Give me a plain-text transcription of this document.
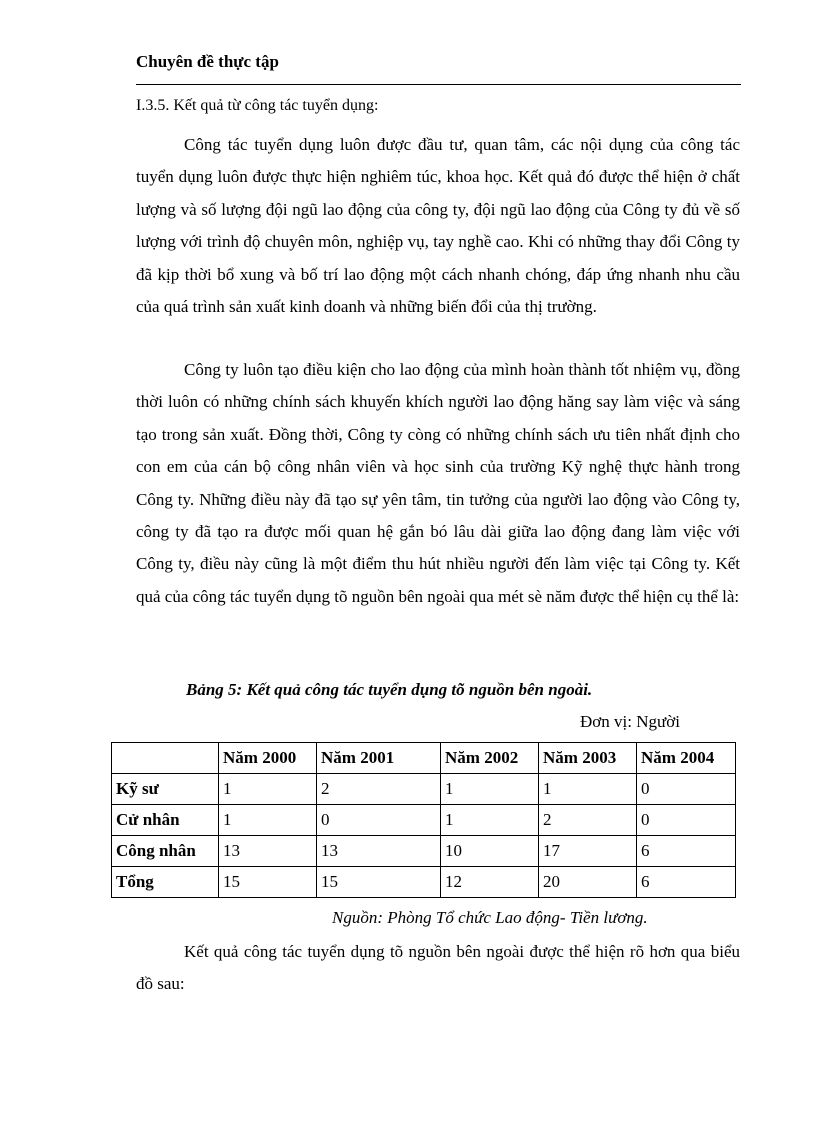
Chuyên đề thực tập
I.3.5. Kết quả từ công tác tuyển dụng:

Công tác tuyển dụng luôn được đầu tư, quan tâm, các nội dụng của công tác tuyển dụng luôn được thực hiện nghiêm túc, khoa học. Kết quả đó được thể hiện ở chất lượng và số lượng đội ngũ lao động của công ty, đội ngũ lao động của Công ty đủ về số lượng với trình độ chuyên môn, nghiệp vụ, tay nghề cao. Khi có những thay đổi Công ty đã kịp thời bổ xung và bố trí lao động một cách nhanh chóng, đáp ứng nhanh nhu cầu của quá trình sản xuất kinh doanh và những biến đổi của thị trường.

Công ty luôn tạo điều kiện cho lao động của mình hoàn thành tốt nhiệm vụ, đồng thời luôn có những chính sách khuyến khích người lao động hăng say làm việc và sáng tạo trong sản xuất. Đồng thời, Công ty còng có những chính sách ưu tiên nhất định cho con em của cán bộ công nhân viên và học sinh của trường Kỹ nghệ thực hành trong Công ty. Những điều này đã tạo sự yên tâm, tin tưởng của người lao động vào Công ty, công ty đã tạo ra được mối quan hệ gắn bó lâu dài giữa lao động đang làm việc với Công ty, điều này cũng là một điểm thu hút nhiều người đến làm việc tại Công ty. Kết quả của công tác tuyển dụng tõ nguồn bên ngoài qua mét sè năm được thể hiện cụ thể là:

Bảng 5: Kết quả công tác tuyển dụng tõ nguồn bên ngoài.
Đơn vị: Người
	Năm 2000	Năm 2001	Năm 2002	Năm 2003	Năm 2004
Kỹ sư	1	2	1	1	0
Cử nhân	1	0	1	2	0
Công nhân	13	13	10	17	6
Tổng	15	15	12	20	6
Nguồn: Phòng Tổ chức Lao động- Tiền lương.

Kết quả công tác tuyển dụng tõ nguồn bên ngoài được thể hiện rõ hơn qua biểu đồ sau:
